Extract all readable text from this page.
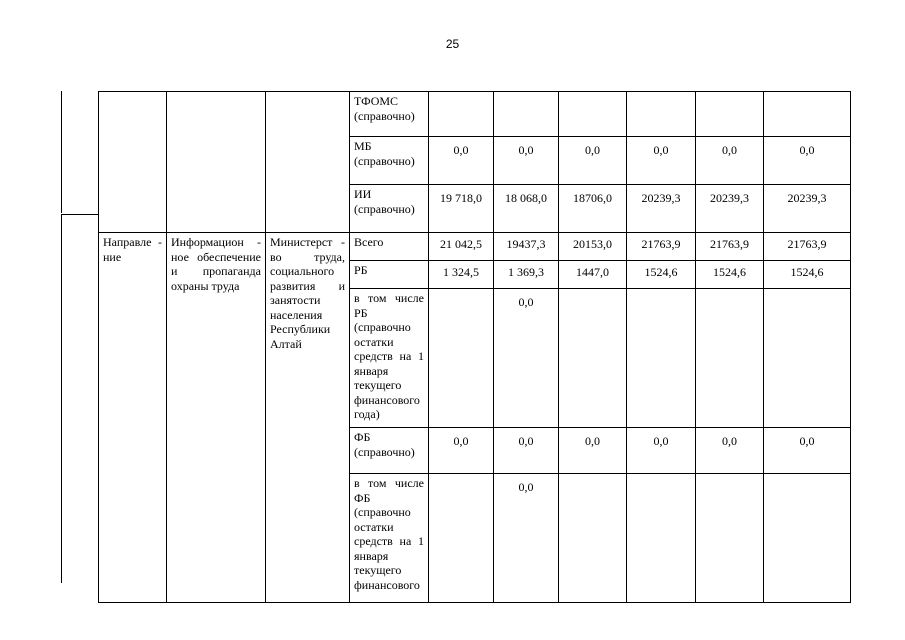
25
			ТФОМС (справочно)						
			МБ (справочно)	0,0	0,0	0,0	0,0	0,0	0,0
			ИИ (справочно)	19 718,0	18 068,0	18706,0	20239,3	20239,3	20239,3
Направле - ние	Информацион - ное обеспечение и пропаганда охраны труда	Министерст - во труда, социального развития и занятости населения Республики Алтай	Всего	21 042,5	19437,3	20153,0	21763,9	21763,9	21763,9
			РБ	1 324,5	1 369,3	1447,0	1524,6	1524,6	1524,6
			в том числе РБ (справочно остатки средств на 1 января текущего финансового года)		0,0				
			ФБ (справочно)	0,0	0,0	0,0	0,0	0,0	0,0
			в том числе ФБ (справочно остатки средств на 1 января текущего финансового		0,0				
